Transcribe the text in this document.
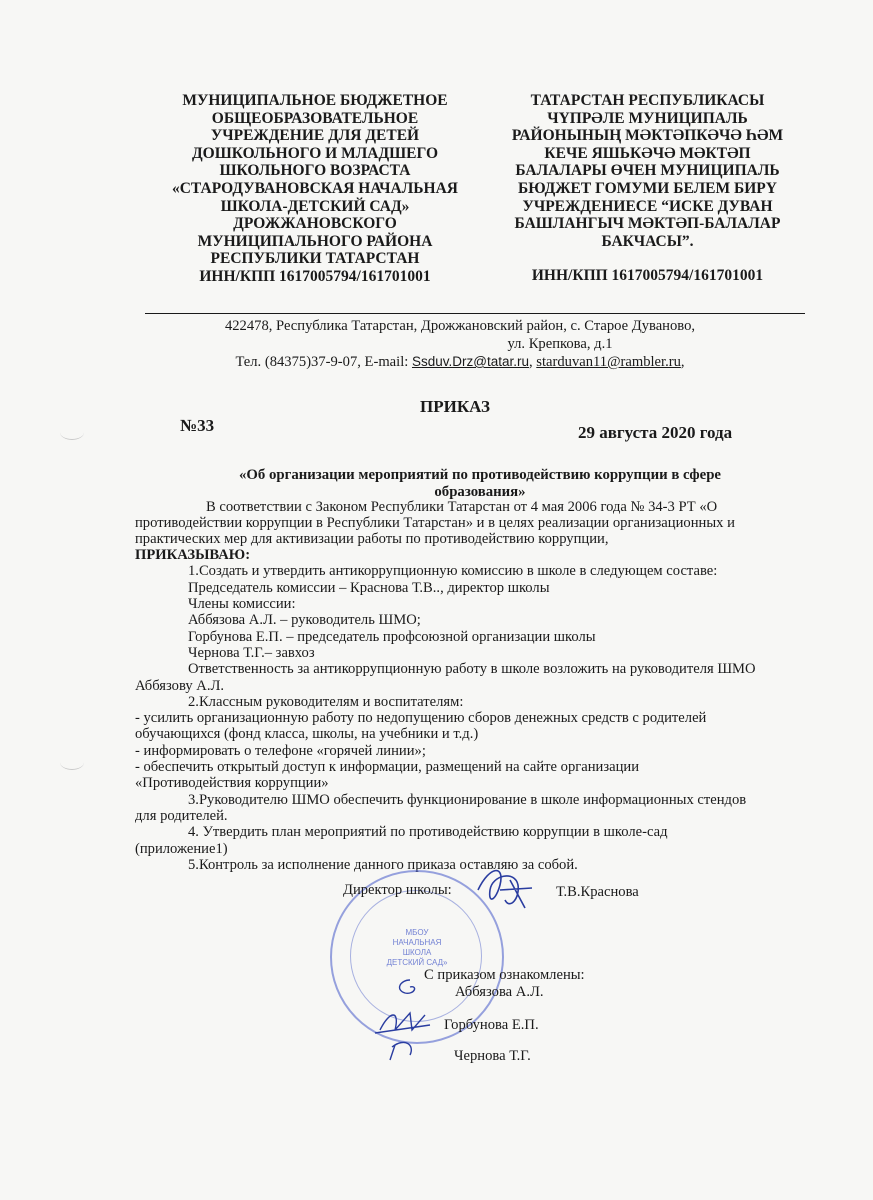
МУНИЦИПАЛЬНОЕ БЮДЖЕТНОЕ
ОБЩЕОБРАЗОВАТЕЛЬНОЕ
УЧРЕЖДЕНИЕ ДЛЯ ДЕТЕЙ
ДОШКОЛЬНОГО И МЛАДШЕГО
ШКОЛЬНОГО ВОЗРАСТА
«СТАРОДУВАНОВСКАЯ НАЧАЛЬНАЯ
ШКОЛА-ДЕТСКИЙ САД»
ДРОЖЖАНОВСКОГО
МУНИЦИПАЛЬНОГО РАЙОНА
РЕСПУБЛИКИ ТАТАРСТАН
ИНН/КПП 1617005794/161701001
ТАТАРСТАН РЕСПУБЛИКАСЫ
ЧҮПРӘЛЕ МУНИЦИПАЛЬ
РАЙОНЫНЫҢ МӘКТӘПКӘЧӘ ҺӘМ
КЕЧЕ ЯШЬКӘЧӘ МӘКТӘП
БАЛАЛАРЫ ӨЧЕН МУНИЦИПАЛЬ
БЮДЖЕТ ГОМУМИ БЕЛЕМ БИРҮ
УЧРЕЖДЕНИЕСЕ “ИСКЕ ДУВАН
БАШЛАНГЫЧ МӘКТӘП-БАЛАЛАР
БАКЧАСЫ”.
ИНН/КПП 1617005794/161701001
422478, Республика Татарстан, Дрожжановский район, с. Старое Дуваново,
ул. Крепкова, д.1
Тел. (84375)37-9-07, E-mail: Ssduv.Drz@tatar.ru, starduvan11@rambler.ru,
ПРИКАЗ
№33	29 августа 2020 года
«Об организации мероприятий по противодействию коррупции в сфере
образования»
В соответствии с Законом Республики Татарстан от 4 мая 2006 года № 34-3 РТ «О
противодействии коррупции в Республики Татарстан» и в целях реализации организационных и
практических мер для активизации работы по противодействию коррупции,
ПРИКАЗЫВАЮ:
1.Создать и утвердить антикоррупционную комиссию в школе в следующем составе:
Председатель комиссии – Краснова Т.В.., директор школы
Члены комиссии:
Аббязова А.Л. – руководитель ШМО;
Горбунова Е.П. – председатель профсоюзной организации школы
Чернова Т.Г.– завхоз
Ответственность за антикоррупционную работу в школе возложить на руководителя ШМО
Аббязову А.Л.
2.Классным руководителям и воспитателям:
- усилить организационную работу по недопущению сборов денежных средств с родителей
обучающихся (фонд класса, школы, на учебники и т.д.)
- информировать о телефоне «горячей линии»;
- обеспечить открытый доступ к информации, размещений на сайте организации
«Противодействия коррупции»
3.Руководителю ШМО обеспечить функционирование в школе информационных стендов
для родителей.
4. Утвердить план мероприятий по противодействию коррупции в школе-сад
(приложение1)
5.Контроль за исполнение данного приказа оставляю за собой.
МБОУ
НАЧАЛЬНАЯ
ШКОЛА
ДЕТСКИЙ САД»
Директор школы:	Т.В.Краснова
С приказом ознакомлены:
Аббязова А.Л.
Горбунова Е.П.
Чернова Т.Г.
